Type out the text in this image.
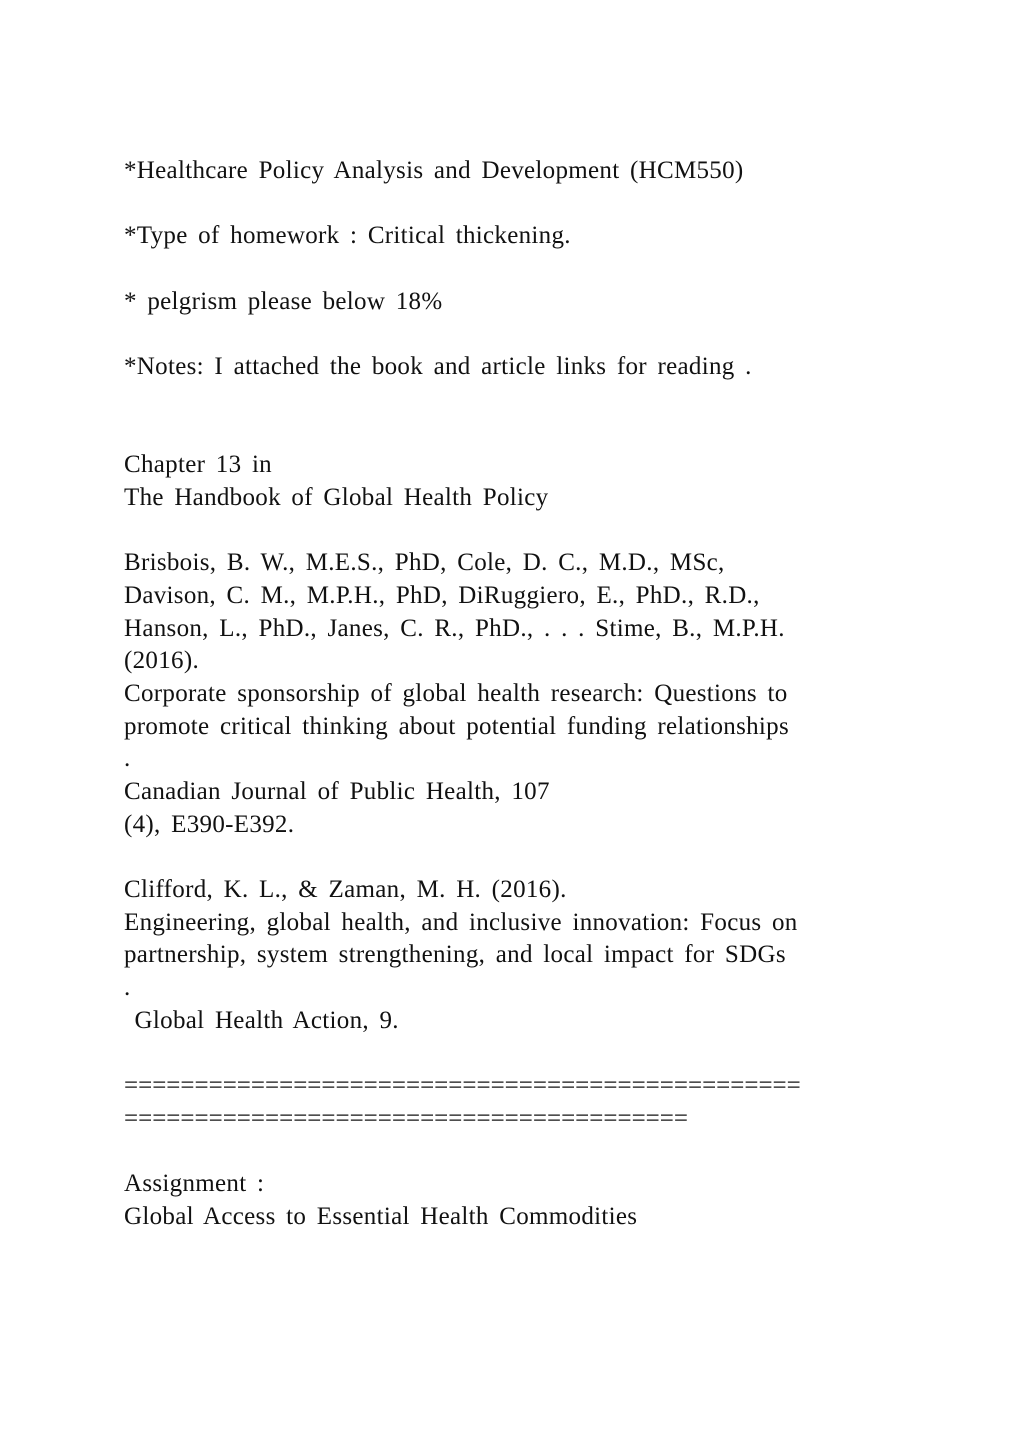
*Healthcare Policy Analysis and Development (HCM550)
*Type of homework : Critical thickening.
* pelgrism please below 18%
*Notes: I attached the book and article links for reading .
Chapter 13 in
The Handbook of Global Health Policy
Brisbois, B. W., M.E.S., PhD, Cole, D. C., M.D., MSc,
Davison, C. M., M.P.H., PhD, DiRuggiero, E., PhD., R.D.,
Hanson, L., PhD., Janes, C. R., PhD., . . . Stime, B., M.P.H.
(2016).
Corporate sponsorship of global health research: Questions to
promote critical thinking about potential funding relationships
.
Canadian Journal of Public Health, 107
(4), E390-E392.
Clifford, K. L., & Zaman, M. H. (2016).
Engineering, global health, and inclusive innovation: Focus on
partnership, system strengthening, and local impact for SDGs
.
Global Health Action, 9.
================================================
========================================
Assignment :
Global Access to Essential Health Commodities
